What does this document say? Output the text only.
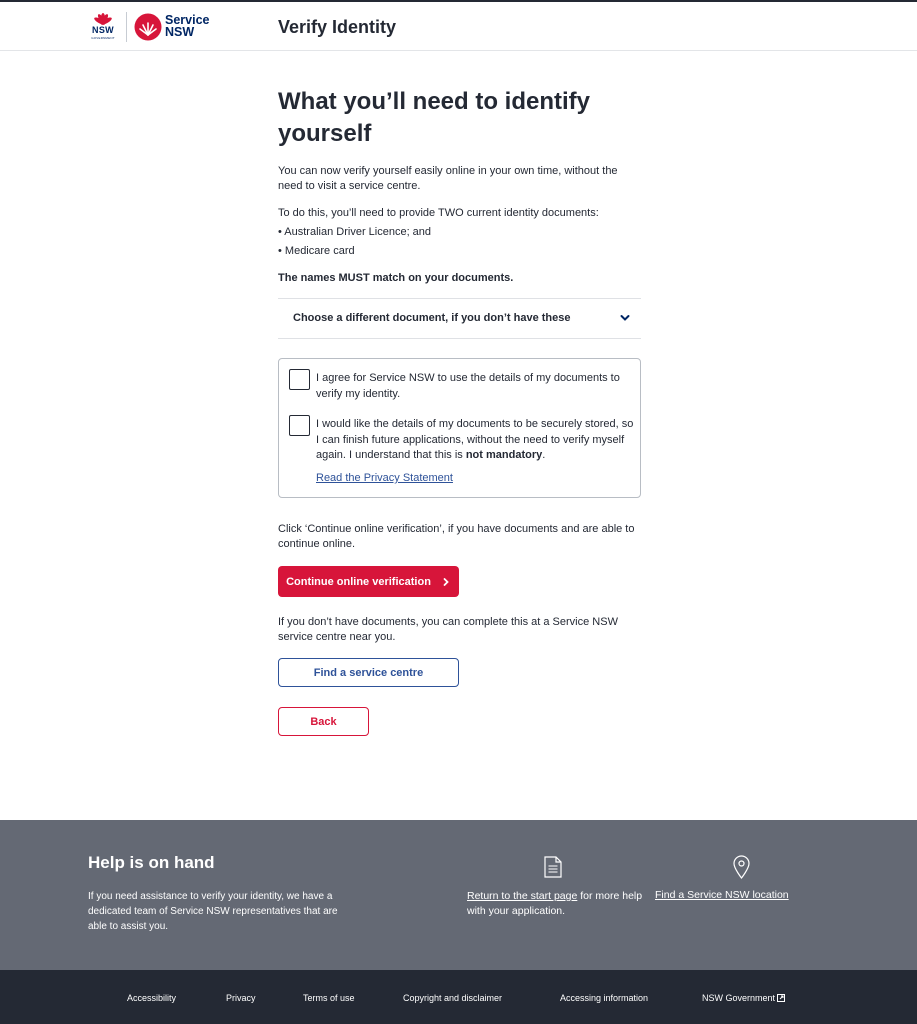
NSW
GOVERNMENT
Service
NSW	Verify Identity
What you’ll need to identify
yourself

You can now verify yourself easily online in your own time, without the need to visit a service centre.

To do this, you’ll need to provide TWO current identity documents:

• Australian Driver Licence; and

• Medicare card

The names MUST match on your documents.

Choose a different document, if you don’t have these
I agree for Service NSW to use the details of my documents to verify my identity.
I would like the details of my documents to be securely stored, so I can finish future applications, without the need to verify myself again. I understand that this is not mandatory.
Read the Privacy Statement

Click ‘Continue online verification’, if you have documents and are able to continue online.

Continue online verification

If you don’t have documents, you can complete this at a Service NSW service centre near you.

Find a service centre
Back
Help is on hand

If you need assistance to verify your identity, we have a dedicated team of Service NSW representatives that are able to assist you.

Return to the start page for more help with your application.
Find a Service NSW location
Accessibility	Privacy	Terms of use	Copyright and disclaimer	Accessing information	NSW Government
